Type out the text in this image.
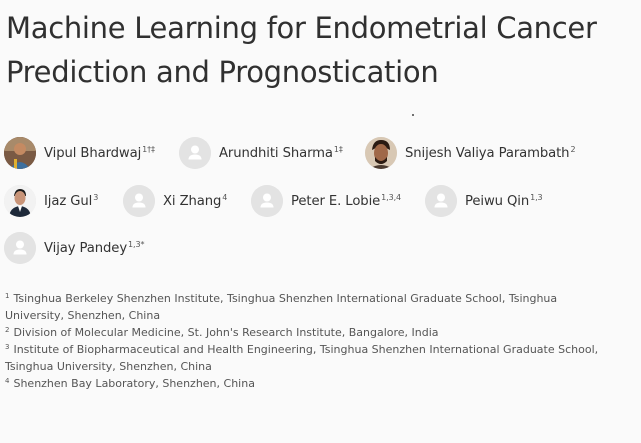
Machine Learning for Endometrial Cancer
Prediction and Prognostication
Vipul Bhardwaj$^{1\dagger\ddagger}$	Arundhiti Sharma$^{1\ddagger}$	Snijesh Valiya Parambath$^2$
Ijaz Gul$^3$	Xi Zhang$^4$	Peter E. Lobie$^{1,3,4}$	Peiwu Qin$^{1,3}$
Vijay Pandey$^{1,3*}$

$^1$ Tsinghua Berkeley Shenzhen Institute, Tsinghua Shenzhen International Graduate School, Tsinghua University, Shenzhen, China

$^2$ Division of Molecular Medicine, St. John's Research Institute, Bangalore, India

$^3$ Institute of Biopharmaceutical and Health Engineering, Tsinghua Shenzhen International Graduate School, Tsinghua University, Shenzhen, China

$^4$ Shenzhen Bay Laboratory, Shenzhen, China
